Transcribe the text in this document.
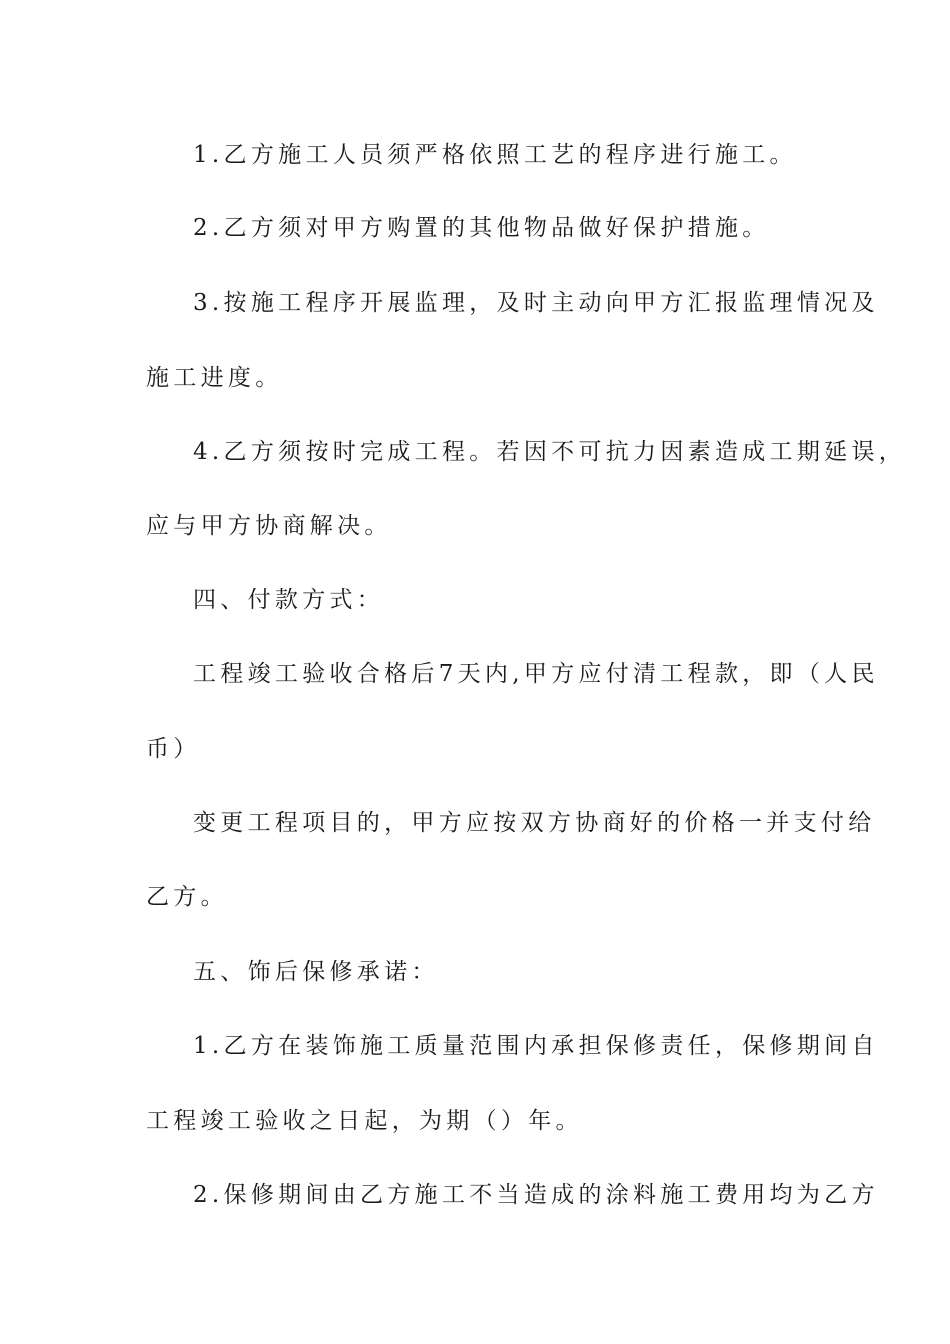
1.乙方施工人员须严格依照工艺的程序进行施工。
2.乙方须对甲方购置的其他物品做好保护措施。
3.按施工程序开展监理，及时主动向甲方汇报监理情况及
施工进度。
4.乙方须按时完成工程。若因不可抗力因素造成工期延误，
应与甲方协商解决。
四、付款方式：
工程竣工验收合格后7天内,甲方应付清工程款，即（人民
币）
变更工程项目的，甲方应按双方协商好的价格一并支付给
乙方。
五、饰后保修承诺：
1.乙方在装饰施工质量范围内承担保修责任，保修期间自
工程竣工验收之日起，为期（）年。
2.保修期间由乙方施工不当造成的涂料施工费用均为乙方
